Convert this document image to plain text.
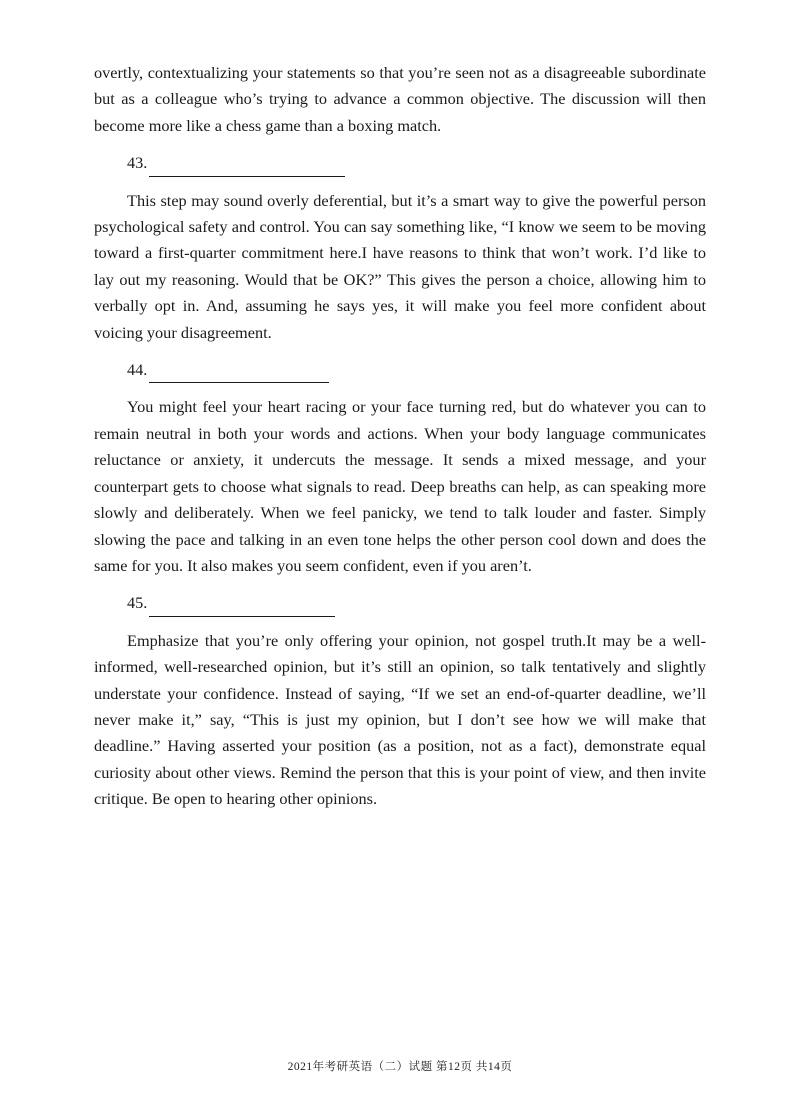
overtly, contextualizing your statements so that you’re seen not as a disagreeable subordinate but as a colleague who’s trying to advance a common objective. The discussion will then become more like a chess game than a boxing match.

43.

This step may sound overly deferential, but it’s a smart way to give the powerful person psychological safety and control. You can say something like, “I know we seem to be moving toward a first-quarter commitment here.I have reasons to think that won’t work. I’d like to lay out my reasoning. Would that be OK?” This gives the person a choice, allowing him to verbally opt in. And, assuming he says yes, it will make you feel more confident about voicing your disagreement.

44.

You might feel your heart racing or your face turning red, but do whatever you can to remain neutral in both your words and actions. When your body language communicates reluctance or anxiety, it undercuts the message. It sends a mixed message, and your counterpart gets to choose what signals to read. Deep breaths can help, as can speaking more slowly and deliberately. When we feel panicky, we tend to talk louder and faster. Simply slowing the pace and talking in an even tone helps the other person cool down and does the same for you. It also makes you seem confident, even if you aren’t.

45.

Emphasize that you’re only offering your opinion, not gospel truth.It may be a well-informed, well-researched opinion, but it’s still an opinion, so talk tentatively and slightly understate your confidence. Instead of saying, “If we set an end-of-quarter deadline, we’ll never make it,” say, “This is just my opinion, but I don’t see how we will make that deadline.” Having asserted your position (as a position, not as a fact), demonstrate equal curiosity about other views. Remind the person that this is your point of view, and then invite critique. Be open to hearing other opinions.

2021年考研英语（二）试题 第12页 共14页
